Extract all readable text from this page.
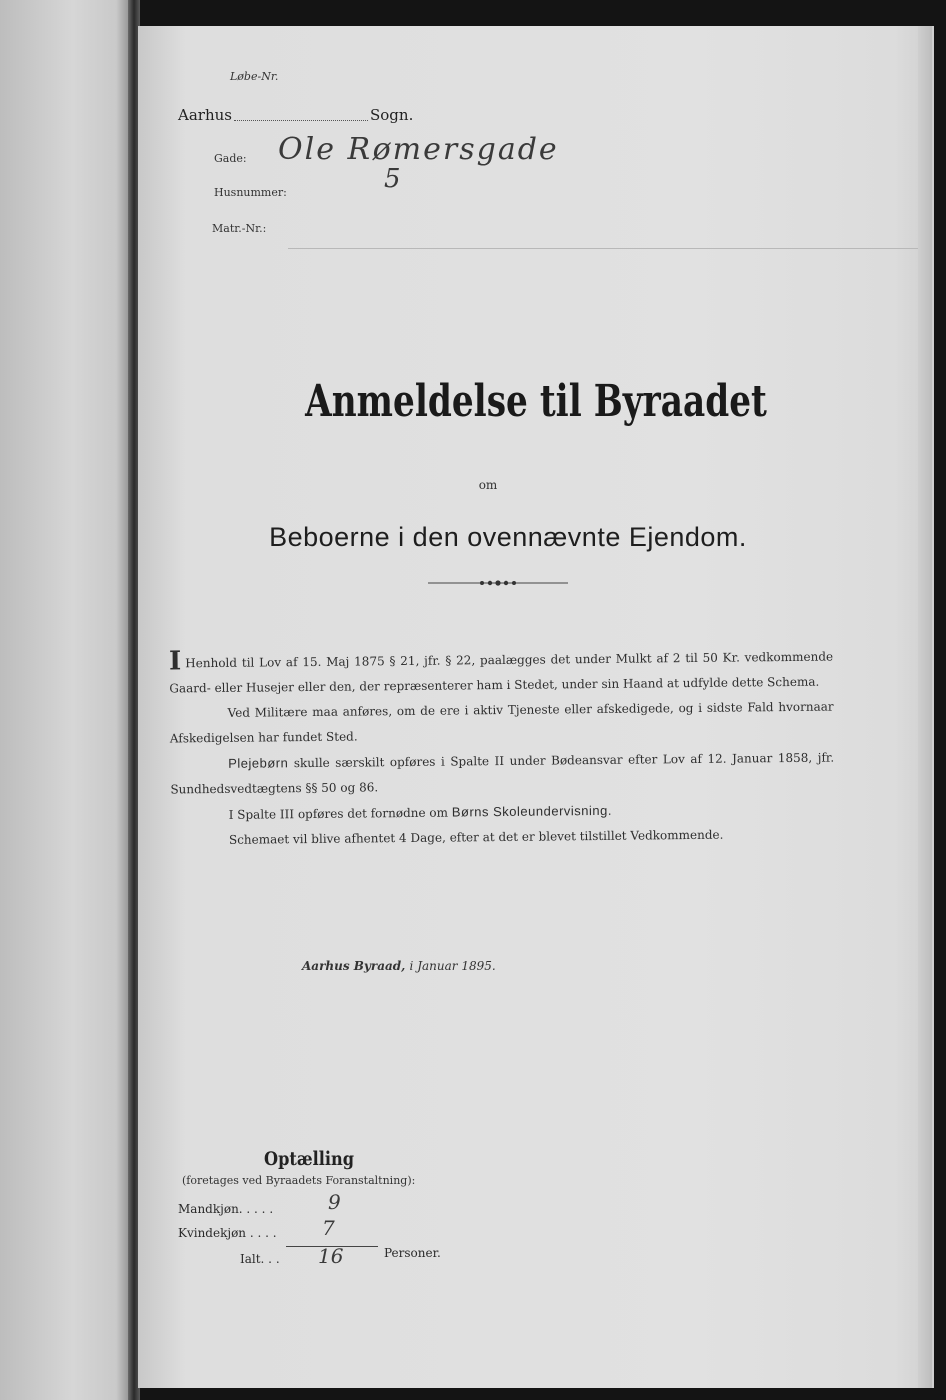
Løbe-Nr.
Aarhus	Sogn.
Gade: Ole Rømersgade
Husnummer:	5
Matr.-Nr.:
Anmeldelse til Byraadet
om
Beboerne i den ovennævnte Ejendom.

I Henhold til Lov af 15. Maj 1875 § 21, jfr. § 22, paalægges det under Mulkt af 2 til 50 Kr. vedkommende Gaard- eller Husejer eller den, der repræsenterer ham i Stedet, under sin Haand at udfylde dette Schema.

Ved Militære maa anføres, om de ere i aktiv Tjeneste eller afskedigede, og i sidste Fald hvornaar Afskedigelsen har fundet Sted.

Plejebørn skulle særskilt opføres i Spalte II under Bødeansvar efter Lov af 12. Januar 1858, jfr. Sundhedsvedtægtens §§ 50 og 86.

I Spalte III opføres det fornødne om Børns Skoleundervisning.

Schemaet vil blive afhentet 4 Dage, efter at det er blevet tilstillet Vedkommende.

Aarhus Byraad, i Januar 1895.
Optælling
(foretages ved Byraadets Foranstaltning):
Mandkjøn. . . . .	9
Kvindekjøn . . . . 7
Ialt. . . 16	Personer.
